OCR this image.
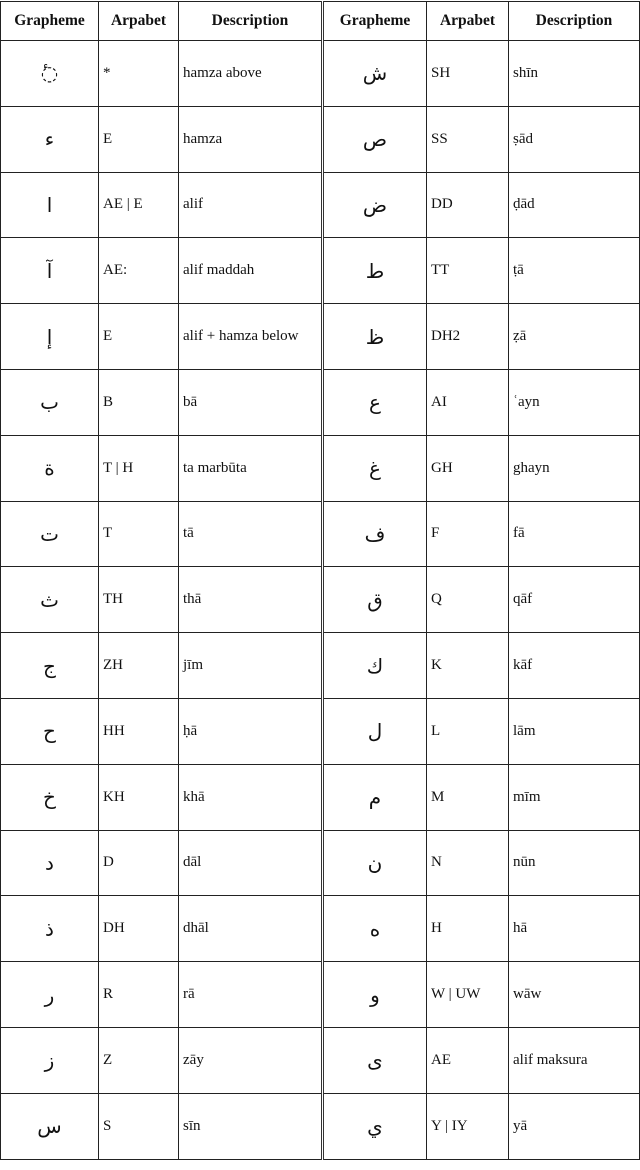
Grapheme	Arpabet	Description	Grapheme	Arpabet	Description
◌ٔ	*	hamza above	ش	SH	shīn
ء	E	hamza	ص	SS	ṣād
ا	AE | E	alif	ض	DD	ḍād
آ	AE:	alif maddah	ط	TT	ṭā
إ	E	alif + hamza below	ظ	DH2	ẓā
ب	B	bā	ع	AI	ʿayn
ة	T | H	ta marbūta	غ	GH	ghayn
ت	T	tā	ف	F	fā
ث	TH	thā	ق	Q	qāf
ج	ZH	jīm	ك	K	kāf
ح	HH	ḥā	ل	L	lām
خ	KH	khā	م	M	mīm
د	D	dāl	ن	N	nūn
ذ	DH	dhāl	ه	H	hā
ر	R	rā	و	W | UW	wāw
ز	Z	zāy	ى	AE	alif maksura
س	S	sīn	ي	Y | IY	yā
